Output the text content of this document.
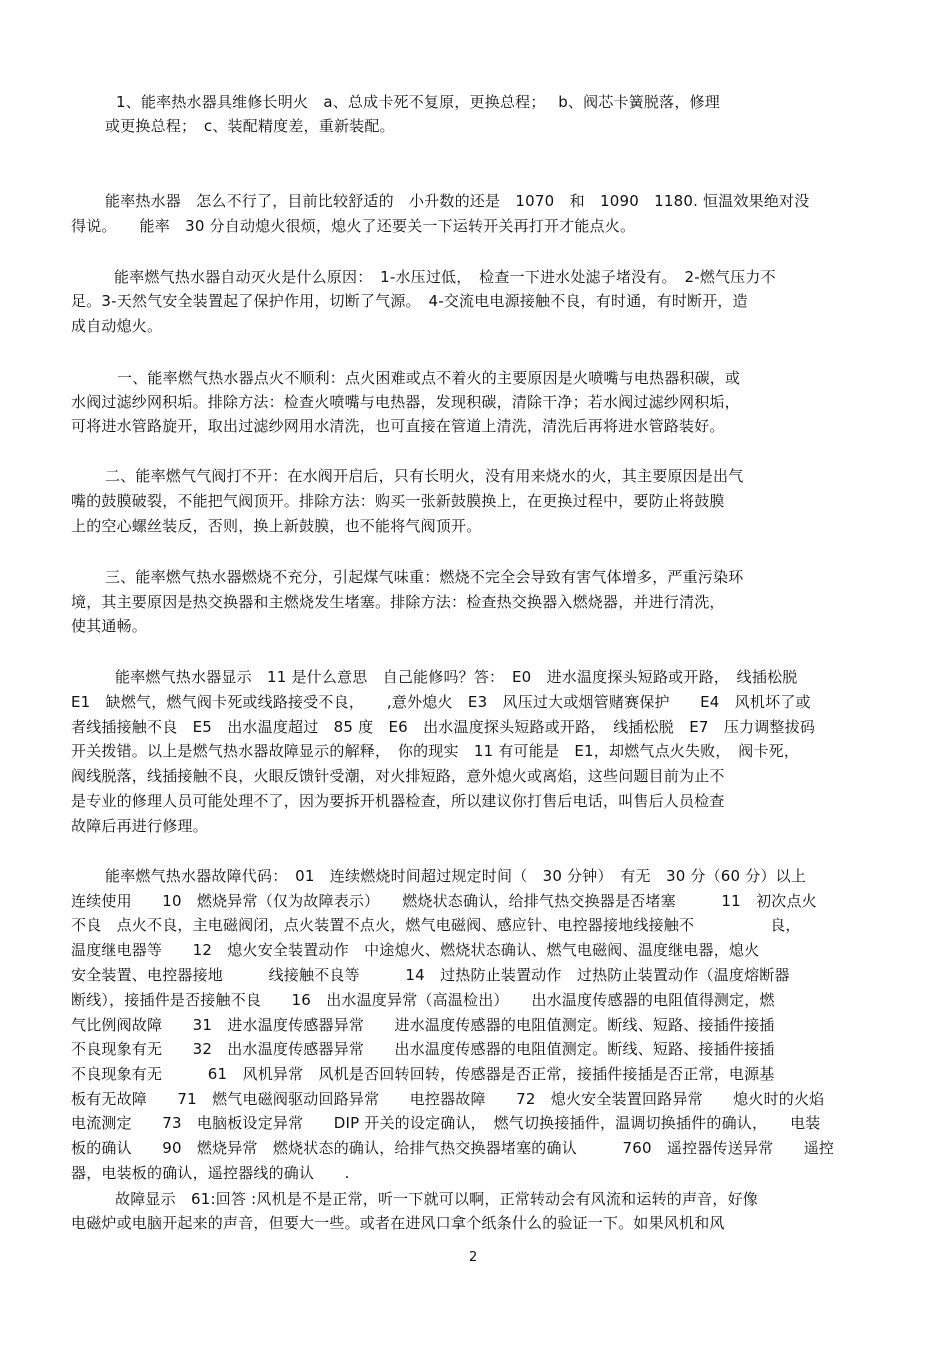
1、能率热水器具维修长明火　a、总成卡死不复原，更换总程；　 b、阀芯卡簧脱落，修理
或更换总程；　c、装配精度差，重新装配。
能率热水器　怎么不行了，目前比较舒适的　小升数的还是　1070　和　1090　1180. 恒温效果绝对没
得说。　　能率　30 分自动熄火很烦，熄火了还要关一下运转开关再打开才能点火。
能率燃气热水器自动灭火是什么原因：　1-水压过低，　检查一下进水处滤子堵没有。　2-燃气压力不
足。3-天然气安全装置起了保护作用，切断了气源。　4-交流电电源接触不良，有时通，有时断开，造
成自动熄火。
一、能率燃气热水器点火不顺利：点火困难或点不着火的主要原因是火喷嘴与电热器积碳，或
水阀过滤纱网积垢。排除方法：检查火喷嘴与电热器，发现积碳，清除干净；若水阀过滤纱网积垢，
可将进水管路旋开，取出过滤纱网用水清洗，也可直接在管道上清洗，清洗后再将进水管路装好。
二、能率燃气气阀打不开：在水阀开启后，只有长明火，没有用来烧水的火，其主要原因是出气
嘴的鼓膜破裂，不能把气阀顶开。排除方法：购买一张新鼓膜换上，在更换过程中，要防止将鼓膜
上的空心螺丝装反，否则，换上新鼓膜，也不能将气阀顶开。
三、能率燃气热水器燃烧不充分，引起煤气味重：燃烧不完全会导致有害气体增多，严重污染环
境，其主要原因是热交换器和主燃烧发生堵塞。排除方法：检查热交换器入燃烧器，并进行清洗，
使其通畅。
能率燃气热水器显示　11 是什么意思　自己能修吗？答：　E0　进水温度探头短路或开路，　线插松脱
E1　缺燃气，燃气阀卡死或线路接受不良，　　,意外熄火　E3　风压过大或烟管赌赛保护　　E4　风机坏了或
者线插接触不良　E5　出水温度超过　85 度　E6　出水温度探头短路或开路，　线插松脱　E7　压力调整拔码
开关拨错。以上是燃气热水器故障显示的解释，　你的现实　11 有可能是　E1，却燃气点火失败，　阀卡死，
阀线脱落，线插接触不良，火眼反馈针受潮，对火排短路，意外熄火或离焰，这些问题目前为止不
是专业的修理人员可能处理不了，因为要拆开机器检查，所以建议你打售后电话，叫售后人员检查
故障后再进行修理。
能率燃气热水器故障代码：　01　连续燃烧时间超过规定时间（　30 分钟）　有无　30 分（60 分）以上
连续使用　　10　燃烧异常（仅为故障表示）　　燃烧状态确认，给排气热交换器是否堵塞　　　11　初次点火
不良　点火不良，主电磁阀闭，点火装置不点火，燃气电磁阀、感应针、电控器接地线接触不　　　　　良，
温度继电器等　　12　熄火安全装置动作　中途熄火、燃烧状态确认、燃气电磁阀、温度继电器，熄火
安全装置、电控器接地　　　线接触不良等　　　14　过热防止装置动作　过热防止装置动作（温度熔断器
断线），接插件是否接触不良　　16　出水温度异常（高温检出）　　出水温度传感器的电阻值得测定，燃
气比例阀故障　　31　进水温度传感器异常　　进水温度传感器的电阻值测定。断线、短路、接插件接插
不良现象有无　　32　出水温度传感器异常　　出水温度传感器的电阻值测定。断线、短路、接插件接插
不良现象有无　　　61　风机异常　风机是否回转回转，传感器是否正常，接插件接插是否正常，电源基
板有无故障　　71　燃气电磁阀驱动回路异常　　电控器故障　　72　熄火安全装置回路异常　　熄火时的火焰
电流测定　　73　电脑板设定异常　　DIP 开关的设定确认，　燃气切换接插件，温调切换插件的确认，　　电装
板的确认　　90　燃烧异常　燃烧状态的确认，给排气热交换器堵塞的确认　　　760　遥控器传送异常　　遥控
器，电装板的确认，遥控器线的确认　　.
故障显示　61:回答 :风机是不是正常，听一下就可以啊，正常转动会有风流和运转的声音，好像
电磁炉或电脑开起来的声音，但要大一些。或者在进风口拿个纸条什么的验证一下。如果风机和风
2
